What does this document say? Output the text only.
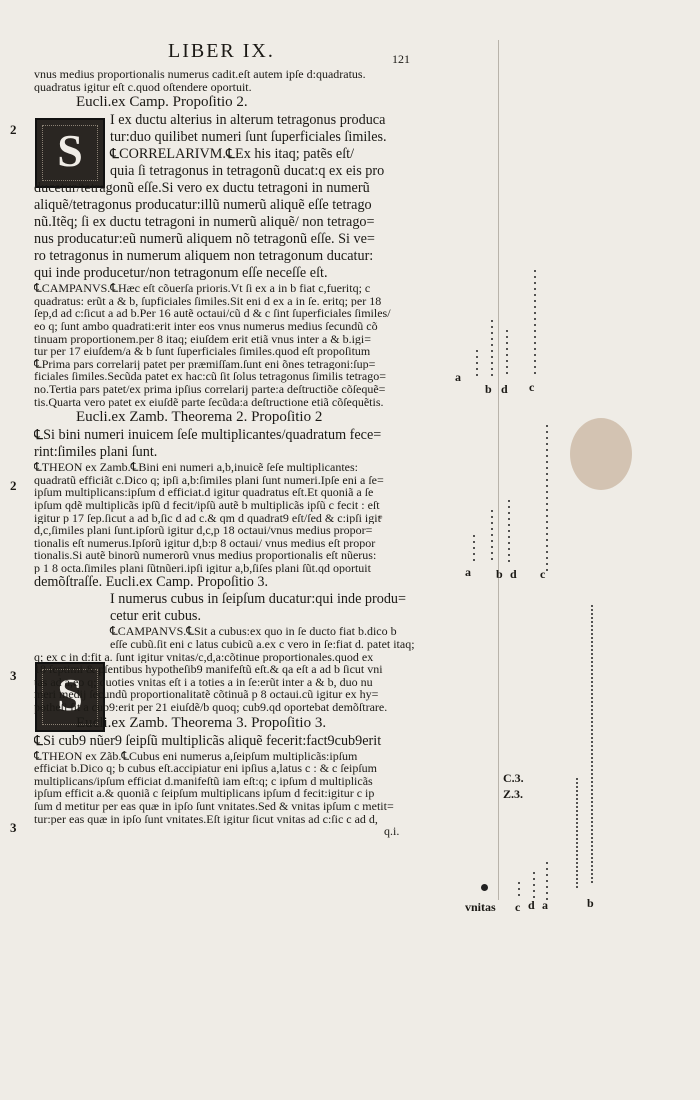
LIBER IX.	121
2
2
3
3
S
S
vnus medius proportionalis numerus cadit.eſt autem ipſe d:quadratus.
quadratus igitur eſt c.quod oſtendere oportuit.
Eucli.ex Camp. Propoſitio 2.
I ex ductu alterius in alterum tetragonus produca
tur:duo quilibet numeri ſunt ſuperficiales ſimiles.
℄CORRELARIVM.℄Ex his itaq; patẽs eſt/
quia ſi tetragonus in tetragonũ ducat:q ex eis pro
ducetur/tetragonũ eſſe.Si vero ex ductu tetragoni in numerũ
aliquẽ/tetragonus producatur:illũ numerũ aliquẽ eſſe tetrago
nũ.Itẽq; ſi ex ductu tetragoni in numerũ aliquẽ/ non tetrago=
nus producatur:eũ numerũ aliquem nõ tetragonũ eſſe. Si ve=
ro tetragonus in numerum aliquem non tetragonum ducatur:
qui inde producetur/non tetragonum eſſe neceſſe eſt.
℄CAMPANVS.℄Hæc eſt cõuerſa prioris.Vt ſi ex a in b fiat c,fueritq; c
quadratus: erũt a & b, ſupficiales ſimiles.Sit eni d ex a in ſe. eritq; per 18
ſep,d ad c:ſicut a ad b.Per 16 autẽ octaui/cũ d & c ſint ſuperficiales ſimiles/
eo q; ſunt ambo quadrati:erit inter eos vnus numerus medius ſecundũ cõ
tinuam proportionem.per 8 itaq; eiuſdem erit etiã vnus inter a & b.igi=
tur per 17 eiuſdem/a & b ſunt ſuperficiales ſimiles.quod eſt propoſitum
℄Prima pars correlarij patet per præmiſſam.ſunt eni õnes tetragoni:ſup=
ficiales ſimiles.Secũda patet ex hac:cũ ſit ſolus tetragonus ſimilis tetrago=
no.Tertia pars patet/ex prima ipſius correlarij parte:a deſtructiõe cõſequẽ=
tis.Quarta vero patet ex eiuſdẽ parte ſecũda:a deſtructione etiã cõſequẽtis.
Eucli.ex Zamb. Theorema 2. Propoſitio 2
℄Si bini numeri inuicem ſeſe multiplicantes/quadratum fece=
rint:ſimiles plani ſunt.
℄THEON ex Zamb.℄Bini eni numeri a,b,inuicẽ ſeſe multiplicantes:
quadratũ efficiãt c.Dico q; ipſi a,b:ſimiles plani ſunt numeri.Ipſe eni a ſe=
ipſum multiplicans:ipſum d efficiat.d igitur quadratus eſt.Et quoniã a ſe
ipſum qdẽ multiplicãs ipſũ d fecit/ipſũ autẽ b multiplicãs ipſũ c fecit : eſt
igitur p 17 ſep.ſicut a ad b,ſic d ad c.& qm d quadrat9 eſt/ſed & c:ipſi igitͤ
d,c,ſimiles plani ſunt.ipſorũ igitur d,c,p 18 octaui/vnus medius propor=
tionalis eſt numerus.Ipſorũ igitur d,b:p 8 octaui/ vnus medius eſt propor
tionalis.Si autẽ binorũ numerorũ vnus medius proportionalis eſt nũerus:
p 1 8 octa.ſimiles plani ſũtnũeri.ipſi igitur a,b,ſiſes plani ſũt.qd oportuit
demõſtraſſe. Eucli.ex Camp. Propoſitio 3.
I numerus cubus in ſeipſum ducatur:qui inde produ=
cetur erit cubus.
℄CAMPANVS.℄Sit a cubus:ex quo in ſe ducto fiat b.dico b
eſſe cubũ.ſit eni c latus cubicũ a.ex c vero in ſe:fiat d. patet itaq;
q; ex c in d:fit a. ſunt igitur vnitas/c,d,a:cõtinue proportionales.quod ex
18 ſeptimi & pſentibus hypotheſib9 manifeſtũ eſt.& qa eſt a ad b ſicut vni
tas ad a,eo q; quoties vnitas eſt i a toties a in ſe:erũt inter a & b, duo nu
meri medij ſecundũ proportionalitatẽ cõtinuã p 8 octaui.cũ igitur ex hy=
potheſi ſit a cub9:erit per 21 eiuſdẽ/b quoq; cub9.qd oportebat demõſtrare.
Eucli.ex Zamb. Theorema 3. Propoſitio 3.
℄Si cub9 nũer9 ſeipſũ multiplicãs aliquẽ fecerit:fact9cub9erit
℄THEON ex Zãb.℄Cubus eni numerus a,ſeipſum multiplicãs:ipſum
efficiat b.Dico q; b cubus eſt.accipiatur eni ipſius a,latus c : & c ſeipſum
multiplicans/ipſum efficiat d.manifeſtũ iam eſt:q; c ipſum d multiplicãs
ipſum efficit a.& quoniã c ſeipſum multiplicans ipſum d fecit:igitur c ip
ſum d metitur per eas quæ in ipſo ſunt vnitates.Sed & vnitas ipſum c metit=
tur:per eas quæ in ipſo ſunt vnitates.Eſt igitur ſicut vnitas ad c:ſic c ad d,
q.i.
a
b d c
a b d c
C.3.
Z.3.
vnitas c d a	b
